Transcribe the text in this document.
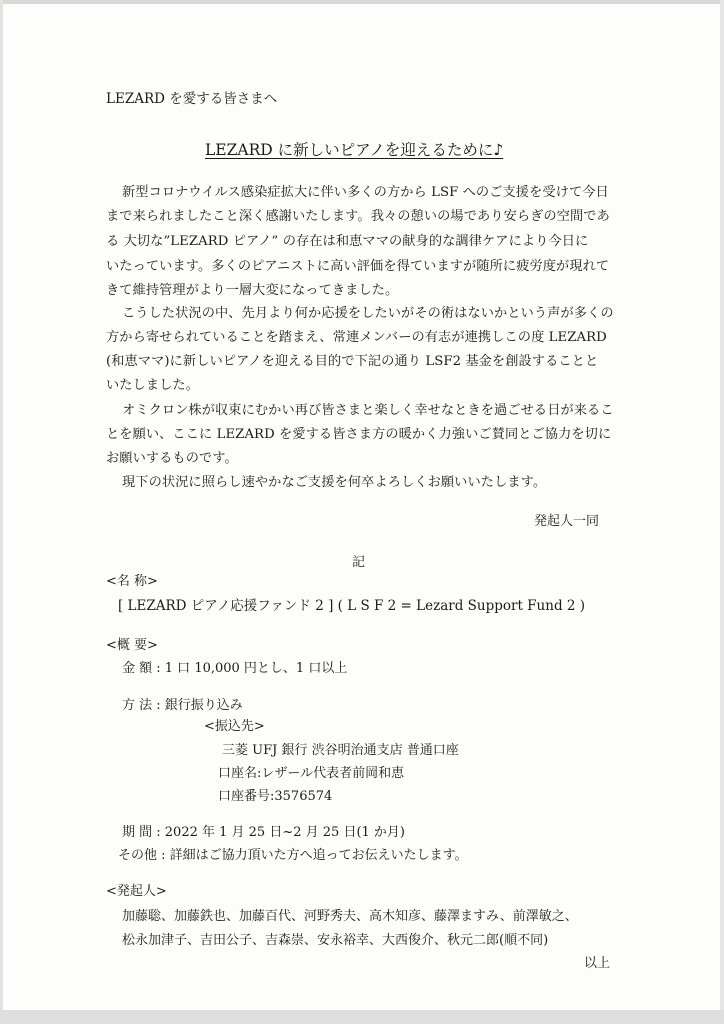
LEZARD を愛する皆さまへ
LEZARD に新しいピアノを迎えるために♪
新型コロナウイルス感染症拡大に伴い多くの方から LSF へのご支援を受けて今日
まで来られましたこと深く感謝いたします。我々の憩いの場であり安らぎの空間であ
る 大切な”LEZARD ピアノ” の存在は和恵ママの献身的な調律ケアにより今日に
いたっています。多くのピアニストに高い評価を得ていますが随所に疲労度が現れて
きて維持管理がより一層大変になってきました。
こうした状況の中、先月より何か応援をしたいがその術はないかという声が多くの
方から寄せられていることを踏まえ、常連メンバーの有志が連携しこの度 LEZARD
(和恵ママ)に新しいピアノを迎える目的で下記の通り LSF2 基金を創設することと
いたしました。
オミクロン株が収束にむかい再び皆さまと楽しく幸せなときを過ごせる日が来るこ
とを願い、ここに LEZARD を愛する皆さま方の暖かく力強いご賛同とご協力を切に
お願いするものです。
現下の状況に照らし速やかなご支援を何卒よろしくお願いいたします。
発起人一同
記
<名 称>
[ LEZARD ピアノ応援ファンド 2 ] ( L S F 2 = Lezard Support Fund 2 )
<概 要>
金 額 : 1 口 10,000 円とし、1 口以上
方 法 : 銀行振り込み
<振込先>
三菱 UFJ 銀行 渋谷明治通支店 普通口座
口座名:レザール代表者前岡和恵
口座番号:3576574
期 間 : 2022 年 1 月 25 日~2 月 25 日(1 か月)
その他 : 詳細はご協力頂いた方へ追ってお伝えいたします。
<発起人>
加藤聡、加藤鉄也、加藤百代、河野秀夫、高木知彦、藤澤ますみ、前澤敏之、
松永加津子、吉田公子、吉森崇、安永裕幸、大西俊介、秋元二郎(順不同)
以上
